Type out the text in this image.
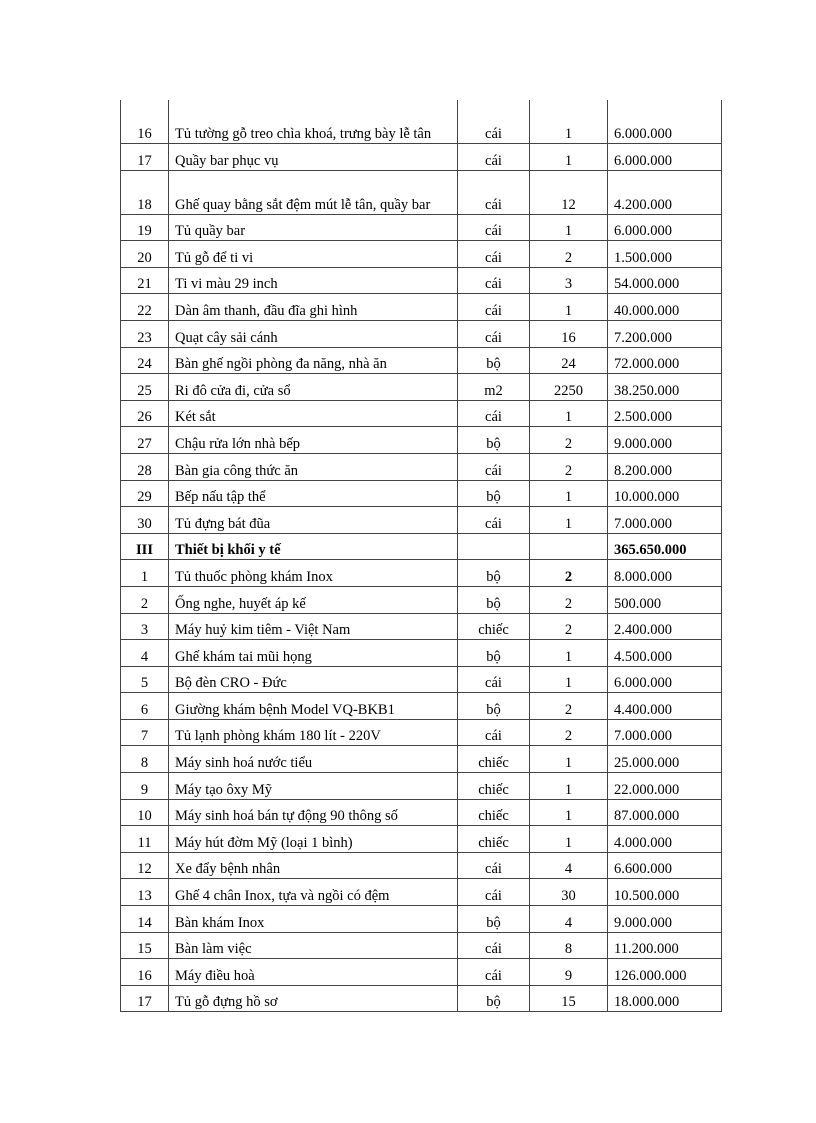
16	Tủ tường gỗ treo chìa khoá, trưng bày lễ tân	cái	1	6.000.000
17	Quầy bar phục vụ	cái	1	6.000.000
18	Ghế quay bằng sắt đệm mút lễ tân, quầy bar	cái	12	4.200.000
19	Tủ quầy bar	cái	1	6.000.000
20	Tủ gỗ để ti vi	cái	2	1.500.000
21	Ti vi màu 29 inch	cái	3	54.000.000
22	Dàn âm thanh, đầu đĩa ghi hình	cái	1	40.000.000
23	Quạt cây sải cánh	cái	16	7.200.000
24	Bàn ghế ngồi phòng đa năng, nhà ăn	bộ	24	72.000.000
25	Ri đô cửa đi, cửa sổ	m2	2250	38.250.000
26	Két sắt	cái	1	2.500.000
27	Chậu rửa lớn nhà bếp	bộ	2	9.000.000
28	Bàn gia công thức ăn	cái	2	8.200.000
29	Bếp nấu tập thể	bộ	1	10.000.000
30	Tủ đựng bát đũa	cái	1	7.000.000
III	Thiết bị khối y tế			365.650.000
1	Tủ thuốc phòng khám Inox	bộ	2	8.000.000
2	Ống nghe, huyết áp kế	bộ	2	500.000
3	Máy huỷ kim tiêm - Việt Nam	chiếc	2	2.400.000
4	Ghế khám tai mũi họng	bộ	1	4.500.000
5	Bộ đèn CRO - Đức	cái	1	6.000.000
6	Giường khám bệnh Model VQ-BKB1	bộ	2	4.400.000
7	Tủ lạnh phòng khám 180 lít - 220V	cái	2	7.000.000
8	Máy sinh hoá nước tiểu	chiếc	1	25.000.000
9	Máy tạo ôxy Mỹ	chiếc	1	22.000.000
10	Máy sinh hoá bán tự động 90 thông số	chiếc	1	87.000.000
11	Máy hút đờm Mỹ (loại 1 bình)	chiếc	1	4.000.000
12	Xe đẩy bệnh nhân	cái	4	6.600.000
13	Ghế 4 chân Inox, tựa và ngồi có đệm	cái	30	10.500.000
14	Bàn khám Inox	bộ	4	9.000.000
15	Bàn làm việc	cái	8	11.200.000
16	Máy điều hoà	cái	9	126.000.000
17	Tủ gỗ đựng hồ sơ	bộ	15	18.000.000
